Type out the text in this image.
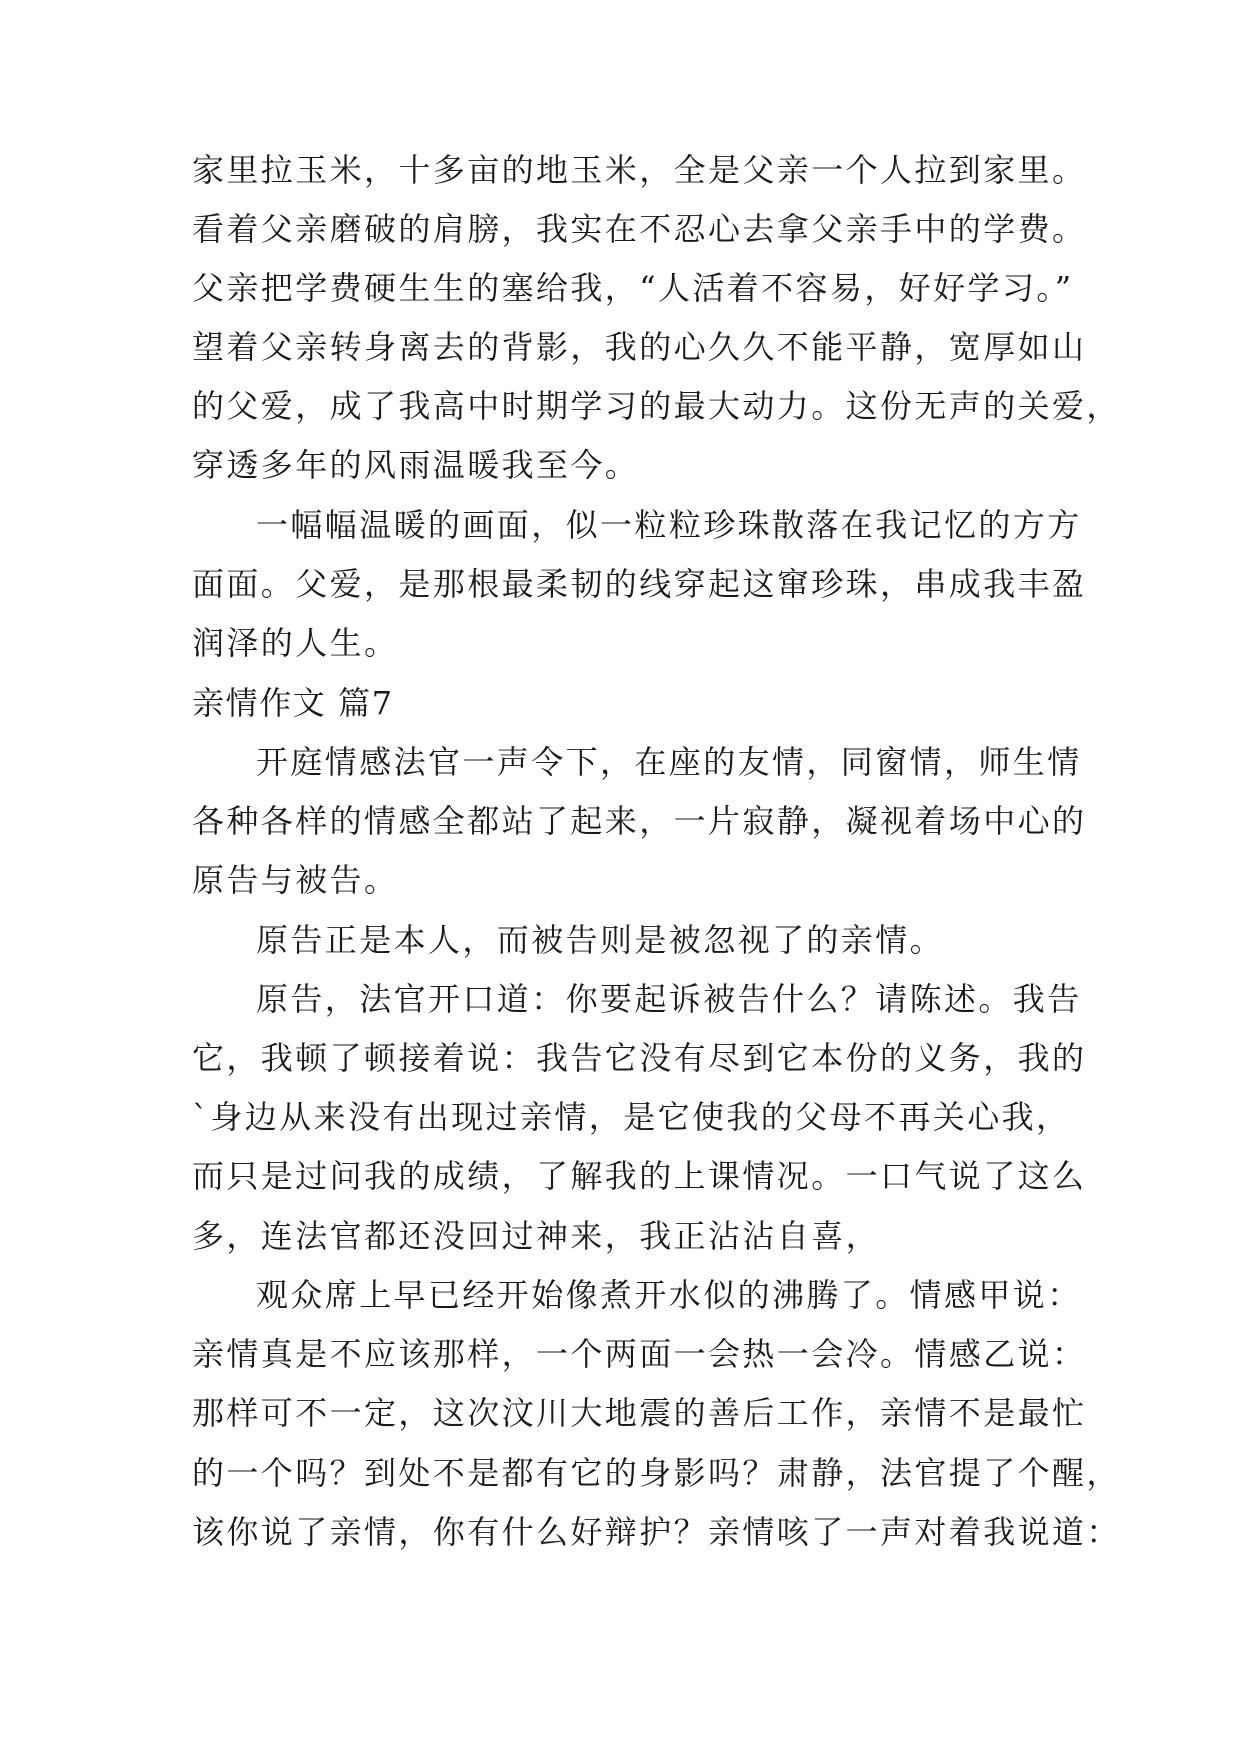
家里拉玉米，十多亩的地玉米，全是父亲一个人拉到家里。
看着父亲磨破的肩膀，我实在不忍心去拿父亲手中的学费。
父亲把学费硬生生的塞给我，“人活着不容易，好好学习。”
望着父亲转身离去的背影，我的心久久不能平静，宽厚如山
的父爱，成了我高中时期学习的最大动力。这份无声的关爱，
穿透多年的风雨温暖我至今。
一幅幅温暖的画面，似一粒粒珍珠散落在我记忆的方方
面面。父爱，是那根最柔韧的线穿起这窜珍珠，串成我丰盈
润泽的人生。
亲情作文 篇7
开庭情感法官一声令下，在座的友情，同窗情，师生情
各种各样的情感全都站了起来，一片寂静，凝视着场中心的
原告与被告。
原告正是本人，而被告则是被忽视了的亲情。
原告，法官开口道：你要起诉被告什么？请陈述。我告
它，我顿了顿接着说：我告它没有尽到它本份的义务，我的
`身边从来没有出现过亲情，是它使我的父母不再关心我，
而只是过问我的成绩，了解我的上课情况。一口气说了这么
多，连法官都还没回过神来，我正沾沾自喜，
观众席上早已经开始像煮开水似的沸腾了。情感甲说：
亲情真是不应该那样，一个两面一会热一会冷。情感乙说：
那样可不一定，这次汶川大地震的善后工作，亲情不是最忙
的一个吗？到处不是都有它的身影吗？肃静，法官提了个醒，
该你说了亲情，你有什么好辩护？亲情咳了一声对着我说道：
